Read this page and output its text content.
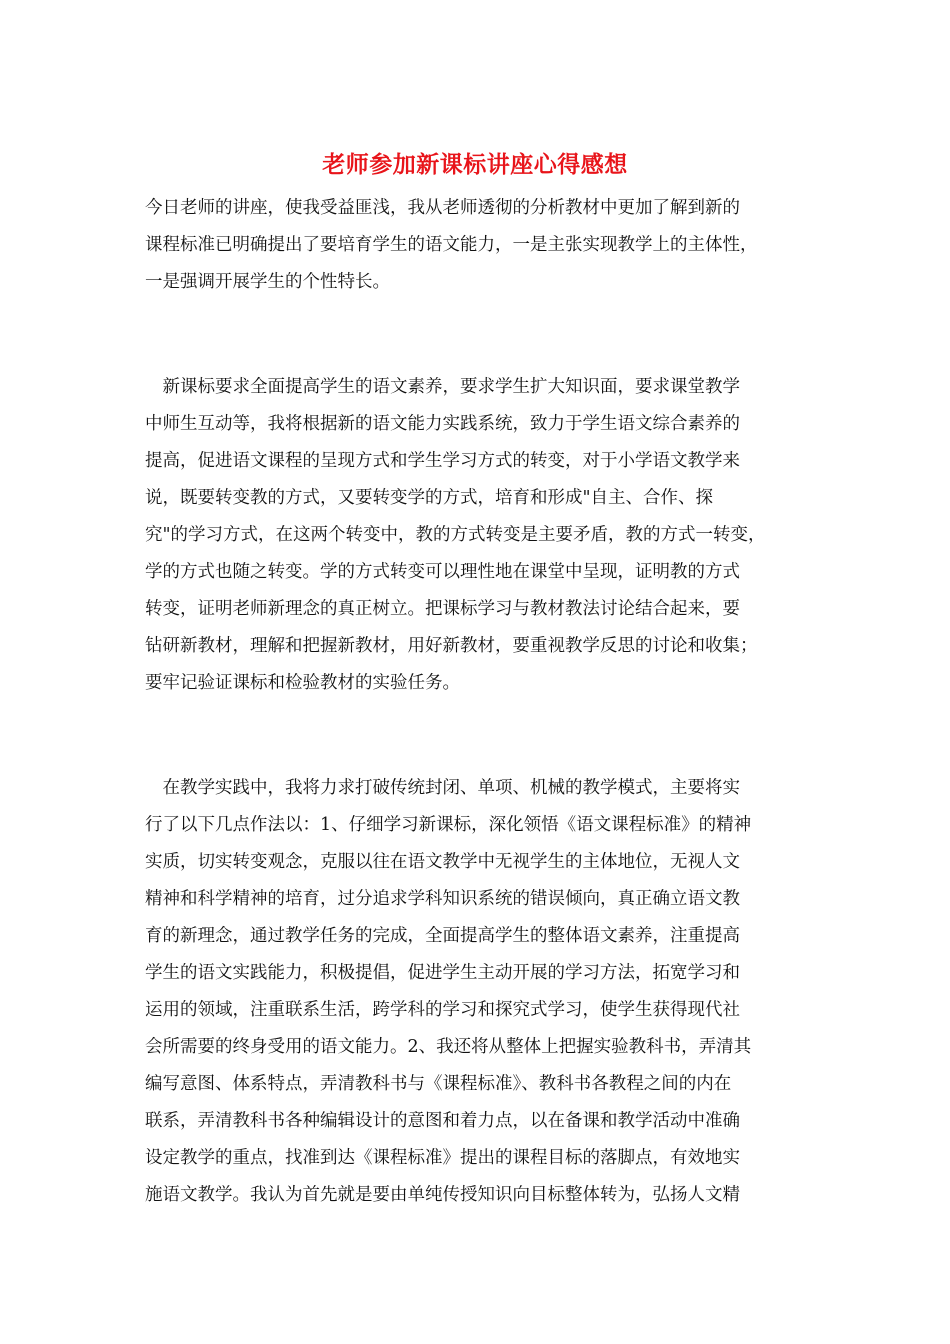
老师参加新课标讲座心得感想
今日老师的讲座，使我受益匪浅，我从老师透彻的分析教材中更加了解到新的
课程标准已明确提出了要培育学生的语文能力，一是主张实现教学上的主体性，
一是强调开展学生的个性特长。
　新课标要求全面提高学生的语文素养，要求学生扩大知识面，要求课堂教学
中师生互动等，我将根据新的语文能力实践系统，致力于学生语文综合素养的
提高，促进语文课程的呈现方式和学生学习方式的转变，对于小学语文教学来
说，既要转变教的方式，又要转变学的方式，培育和形成"自主、合作、探
究"的学习方式，在这两个转变中，教的方式转变是主要矛盾，教的方式一转变，
学的方式也随之转变。学的方式转变可以理性地在课堂中呈现，证明教的方式
转变，证明老师新理念的真正树立。把课标学习与教材教法讨论结合起来，要
钻研新教材，理解和把握新教材，用好新教材，要重视教学反思的讨论和收集；
要牢记验证课标和检验教材的实验任务。
　在教学实践中，我将力求打破传统封闭、单项、机械的教学模式，主要将实
行了以下几点作法以：1、仔细学习新课标，深化领悟《语文课程标准》的精神
实质，切实转变观念，克服以往在语文教学中无视学生的主体地位，无视人文
精神和科学精神的培育，过分追求学科知识系统的错误倾向，真正确立语文教
育的新理念，通过教学任务的完成，全面提高学生的整体语文素养，注重提高
学生的语文实践能力，积极提倡，促进学生主动开展的学习方法，拓宽学习和
运用的领域，注重联系生活，跨学科的学习和探究式学习，使学生获得现代社
会所需要的终身受用的语文能力。2、我还将从整体上把握实验教科书，弄清其
编写意图、体系特点，弄清教科书与《课程标准》、教科书各教程之间的内在
联系，弄清教科书各种编辑设计的意图和着力点，以在备课和教学活动中准确
设定教学的重点，找准到达《课程标准》提出的课程目标的落脚点，有效地实
施语文教学。我认为首先就是要由单纯传授知识向目标整体转为，弘扬人文精
